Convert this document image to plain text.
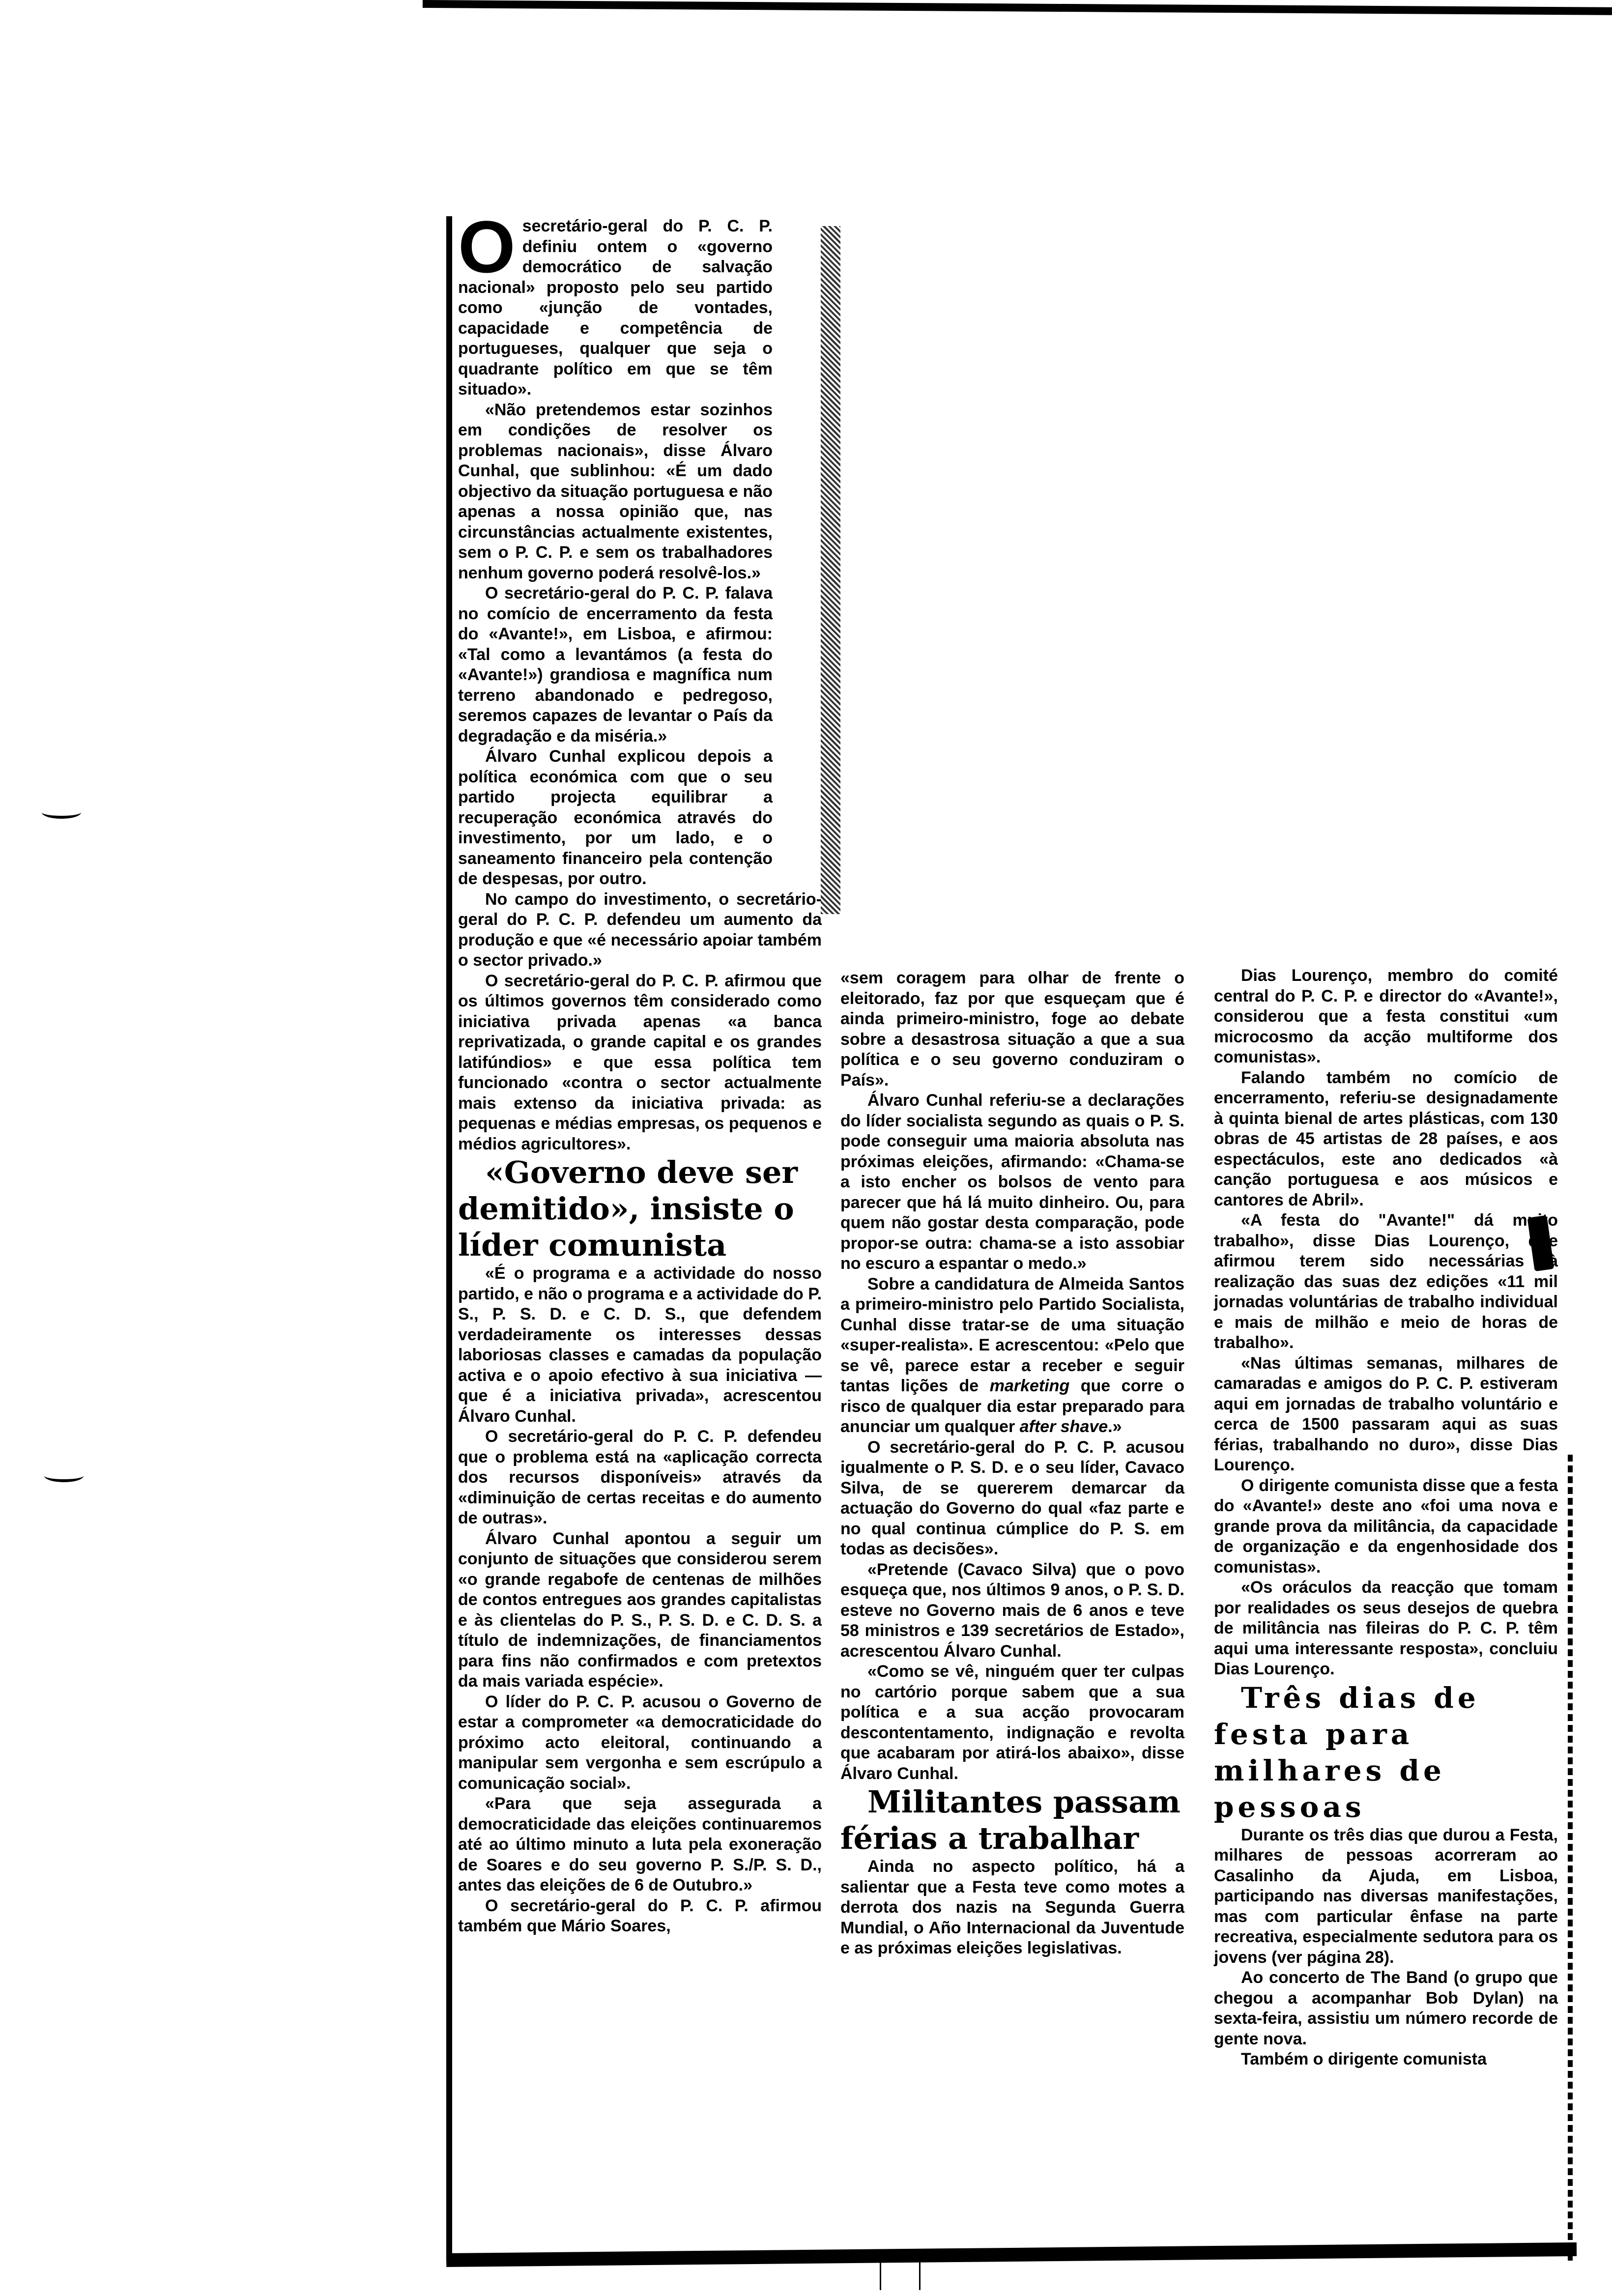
Osecretário-geral do P. C. P. definiu ontem o «governo democrático de salvação nacional» proposto pelo seu partido como «junção de vontades, capacidade e competência de portugueses, qualquer que seja o quadrante político em que se têm situado».

«Não pretendemos estar sozinhos em condições de resolver os problemas nacionais», disse Álvaro Cunhal, que sublinhou: «É um dado objectivo da situação portuguesa e não apenas a nossa opinião que, nas circunstâncias actualmente existentes, sem o P. C. P. e sem os trabalhadores nenhum governo poderá resolvê-los.»

O secretário-geral do P. C. P. falava no comício de encerramento da festa do «Avante!», em Lisboa, e afirmou: «Tal como a levantámos (a festa do «Avante!») grandiosa e magnífica num terreno abandonado e pedregoso, seremos capazes de levantar o País da degradação e da miséria.»

Álvaro Cunhal explicou depois a política económica com que o seu partido projecta equilibrar a recuperação económica através do investimento, por um lado, e o saneamento financeiro pela contenção de despesas, por outro.

No campo do investimento, o secretário-geral do P. C. P. defendeu um aumento da produção e que «é necessário apoiar também o sector privado.»

O secretário-geral do P. C. P. afirmou que os últimos governos têm considerado como iniciativa privada apenas «a banca reprivatizada, o grande capital e os grandes latifúndios» e que essa política tem funcionado «contra o sector actualmente mais extenso da iniciativa privada: as pequenas e médias empresas, os pequenos e médios agricultores».

«Governo deve ser demitido», insiste o líder comunista

«É o programa e a actividade do nosso partido, e não o programa e a actividade do P. S., P. S. D. e C. D. S., que defendem verdadeiramente os interesses dessas laboriosas classes e camadas da população activa e o apoio efectivo à sua iniciativa — que é a iniciativa privada», acrescentou Álvaro Cunhal.

O secretário-geral do P. C. P. defendeu que o problema está na «aplicação correcta dos recursos disponíveis» através da «diminuição de certas receitas e do aumento de outras».

Álvaro Cunhal apontou a seguir um conjunto de situações que considerou serem «o grande regabofe de centenas de milhões de contos entregues aos grandes capitalistas e às clientelas do P. S., P. S. D. e C. D. S. a título de indemnizações, de financiamentos para fins não confirmados e com pretextos da mais variada espécie».

O líder do P. C. P. acusou o Governo de estar a comprometer «a democraticidade do próximo acto eleitoral, continuando a manipular sem vergonha e sem escrúpulo a comunicação social».

«Para que seja assegurada a democraticidade das eleições continuaremos até ao último minuto a luta pela exoneração de Soares e do seu governo P. S./P. S. D., antes das eleições de 6 de Outubro.»

O secretário-geral do P. C. P. afirmou também que Mário Soares,

«sem coragem para olhar de frente o eleitorado, faz por que esqueçam que é ainda primeiro-ministro, foge ao debate sobre a desastrosa situação a que a sua política e o seu governo conduziram o País».

Álvaro Cunhal referiu-se a declarações do líder socialista segundo as quais o P. S. pode conseguir uma maioria absoluta nas próximas eleições, afirmando: «Chama-se a isto encher os bolsos de vento para parecer que há lá muito dinheiro. Ou, para quem não gostar desta comparação, pode propor-se outra: chama-se a isto assobiar no escuro a espantar o medo.»

Sobre a candidatura de Almeida Santos a primeiro-ministro pelo Partido Socialista, Cunhal disse tratar-se de uma situação «super-realista». E acrescentou: «Pelo que se vê, parece estar a receber e seguir tantas lições de marketing que corre o risco de qualquer dia estar preparado para anunciar um qualquer after shave.»

O secretário-geral do P. C. P. acusou igualmente o P. S. D. e o seu líder, Cavaco Silva, de se quererem demarcar da actuação do Governo do qual «faz parte e no qual continua cúmplice do P. S. em todas as decisões».

«Pretende (Cavaco Silva) que o povo esqueça que, nos últimos 9 anos, o P. S. D. esteve no Governo mais de 6 anos e teve 58 ministros e 139 secretários de Estado», acrescentou Álvaro Cunhal.

«Como se vê, ninguém quer ter culpas no cartório porque sabem que a sua política e a sua acção provocaram descontentamento, indignação e revolta que acabaram por atirá-los abaixo», disse Álvaro Cunhal.

Militantes passam férias a trabalhar

Ainda no aspecto político, há a salientar que a Festa teve como motes a derrota dos nazis na Segunda Guerra Mundial, o Año Internacional da Juventude e as próximas eleições legislativas.

Dias Lourenço, membro do comité central do P. C. P. e director do «Avante!», considerou que a festa constitui «um microcosmo da acção multiforme dos comunistas».

Falando também no comício de encerramento, referiu-se designadamente à quinta bienal de artes plásticas, com 130 obras de 45 artistas de 28 países, e aos espectáculos, este ano dedicados «à canção portuguesa e aos músicos e cantores de Abril».

«A festa do "Avante!" dá muito trabalho», disse Dias Lourenço, que afirmou terem sido necessárias à realização das suas dez edições «11 mil jornadas voluntárias de trabalho individual e mais de milhão e meio de horas de trabalho».

«Nas últimas semanas, milhares de camaradas e amigos do P. C. P. estiveram aqui em jornadas de trabalho voluntário e cerca de 1500 passaram aqui as suas férias, trabalhando no duro», disse Dias Lourenço.

O dirigente comunista disse que a festa do «Avante!» deste ano «foi uma nova e grande prova da militância, da capacidade de organização e da engenhosidade dos comunistas».

«Os oráculos da reacção que tomam por realidades os seus desejos de quebra de militância nas fileiras do P. C. P. têm aqui uma interessante resposta», concluiu Dias Lourenço.

Três dias de festa para milhares de pessoas

Durante os três dias que durou a Festa, milhares de pessoas acorreram ao Casalinho da Ajuda, em Lisboa, participando nas diversas manifestações, mas com particular ênfase na parte recreativa, especialmente sedutora para os jovens (ver página 28).

Ao concerto de The Band (o grupo que chegou a acompanhar Bob Dylan) na sexta-feira, assistiu um número recorde de gente nova.

Também o dirigente comunista
